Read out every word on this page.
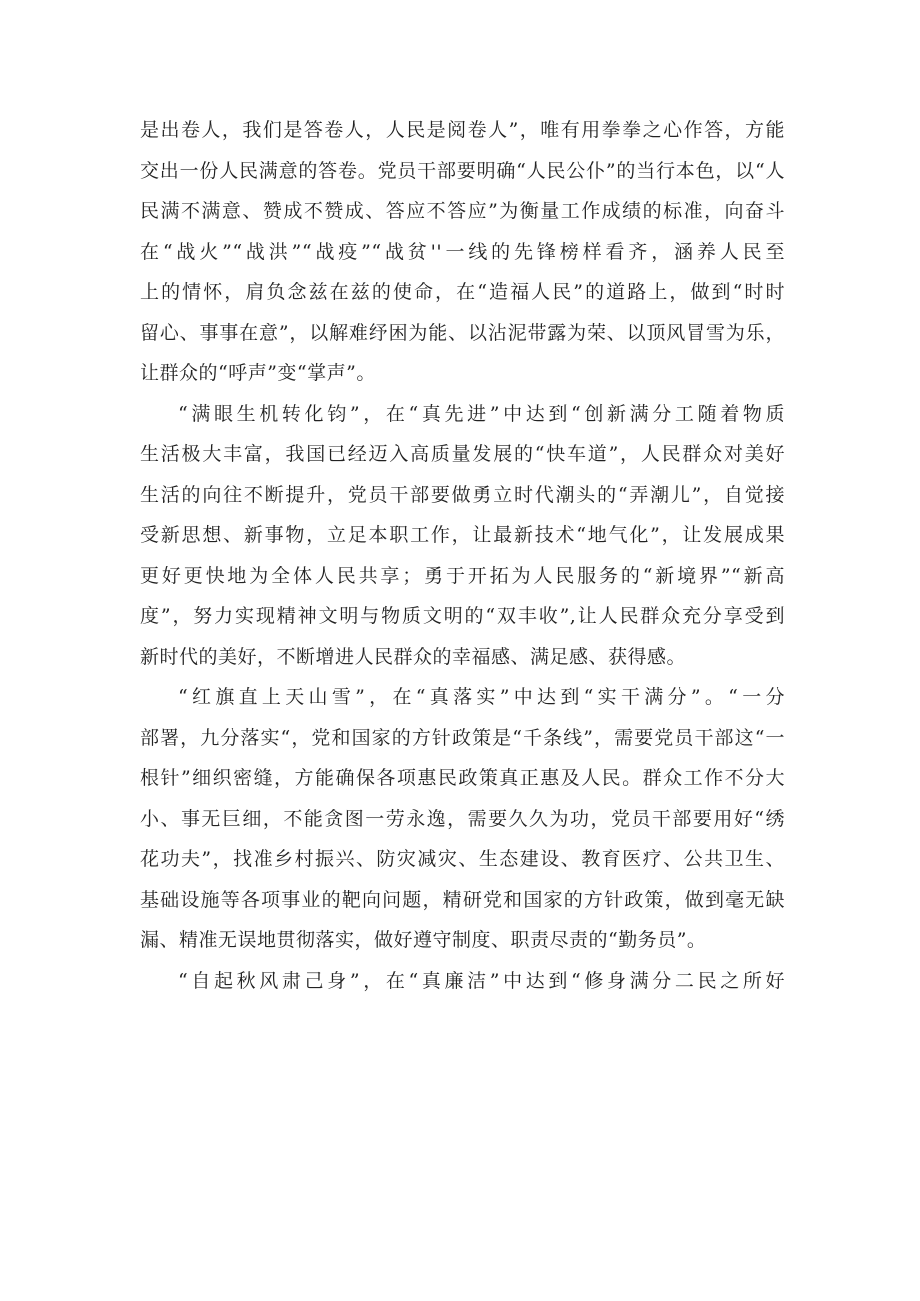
是出卷人，我们是答卷人，人民是阅卷人”，唯有用拳拳之心作答，方能
交出一份人民满意的答卷。党员干部要明确“人民公仆”的当行本色，以“人
民满不满意、赞成不赞成、答应不答应”为衡量工作成绩的标准，向奋斗
在“战火”“战洪”“战疫”“战贫''一线的先锋榜样看齐，涵养人民至
上的情怀，肩负念兹在兹的使命，在“造福人民”的道路上，做到“时时
留心、事事在意”，以解难纾困为能、以沾泥带露为荣、以顶风冒雪为乐，
让群众的“呼声”变“掌声”。

“满眼生机转化钧”，在“真先进”中达到“创新满分工随着物质
生活极大丰富，我国已经迈入高质量发展的“快车道”，人民群众对美好
生活的向往不断提升，党员干部要做勇立时代潮头的“弄潮儿”，自觉接
受新思想、新事物，立足本职工作，让最新技术“地气化”，让发展成果
更好更快地为全体人民共享；勇于开拓为人民服务的“新境界”“新高
度”，努力实现精神文明与物质文明的“双丰收”,让人民群众充分享受到
新时代的美好，不断增进人民群众的幸福感、满足感、获得感。

“红旗直上天山雪”，在“真落实”中达到“实干满分”。“一分
部署，九分落实“，党和国家的方针政策是“千条线”，需要党员干部这“一
根针”细织密缝，方能确保各项惠民政策真正惠及人民。群众工作不分大
小、事无巨细，不能贪图一劳永逸，需要久久为功，党员干部要用好“绣
花功夫”，找准乡村振兴、防灾减灾、生态建设、教育医疗、公共卫生、
基础设施等各项事业的靶向问题，精研党和国家的方针政策，做到毫无缺
漏、精准无误地贯彻落实，做好遵守制度、职责尽责的“勤务员”。

“自起秋风肃己身”，在“真廉洁”中达到“修身满分二民之所好
